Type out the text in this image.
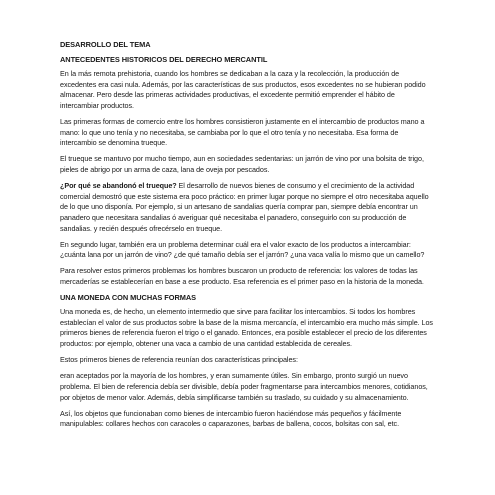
DESARROLLO DEL TEMA
ANTECEDENTES HISTORICOS DEL DERECHO MERCANTIL

En la más remota prehistoria, cuando los hombres se dedicaban a la caza y la recolección, la producción de excedentes era casi nula. Además, por las características de sus productos, esos excedentes no se hubieran podido almacenar. Pero desde las primeras actividades productivas, el excedente permitió emprender el hábito de intercambiar productos.

Las primeras formas de comercio entre los hombres consistieron justamente en el intercambio de productos mano a mano: lo que uno tenía y no necesitaba, se cambiaba por lo que el otro tenía y no necesitaba. Esa forma de intercambio se denomina trueque.

El trueque se mantuvo por mucho tiempo, aun en sociedades sedentarias: un jarrón de vino por una bolsita de trigo, pieles de abrigo por un arma de caza, lana de oveja por pescados.

¿Por qué se abandonó el trueque? El desarrollo de nuevos bienes de consumo y el crecimiento de la actividad comercial demostró que este sistema era poco práctico: en primer lugar porque no siempre el otro necesitaba aquello de lo que uno disponía. Por ejemplo, si un artesano de sandalias quería comprar pan, siempre debía encontrar un panadero que necesitara sandalias ó averiguar qué necesitaba el panadero, conseguirlo con su producción de sandalias. y recién después ofrecérselo en trueque.

En segundo lugar, también era un problema determinar cuál era el valor exacto de los productos a intercambiar: ¿cuánta lana por un jarrón de vino? ¿de qué tamaño debía ser el jarrón? ¿una vaca valía lo mismo que un camello?

Para resolver estos primeros problemas los hombres buscaron un producto de referencia: los valores de todas las mercaderías se establecerían en base a ese producto. Esa referencia es el primer paso en la historia de la moneda.

UNA MONEDA CON MUCHAS FORMAS

Una moneda es, de hecho, un elemento intermedio que sirve para facilitar los intercambios. Si todos los hombres establecían el valor de sus productos sobre la base de la misma mercancía, el intercambio era mucho más simple. Los primeros bienes de referencia fueron el trigo o el ganado. Entonces, era posible establecer el precio de los diferentes productos: por ejemplo, obtener una vaca a cambio de una cantidad establecida de cereales.

Estos primeros bienes de referencia reunían dos características principales:

eran aceptados por la mayoría de los hombres, y eran sumamente útiles. Sin embargo, pronto surgió un nuevo problema. El bien de referencia debía ser divisible, debía poder fragmentarse para intercambios menores, cotidianos, por objetos de menor valor. Además, debía simplificarse también su traslado, su cuidado y su almacenamiento.

Así, los objetos que funcionaban como bienes de intercambio fueron haciéndose más pequeños y fácilmente manipulables: collares hechos con caracoles o caparazones, barbas de ballena, cocos, bolsitas con sal, etc.
